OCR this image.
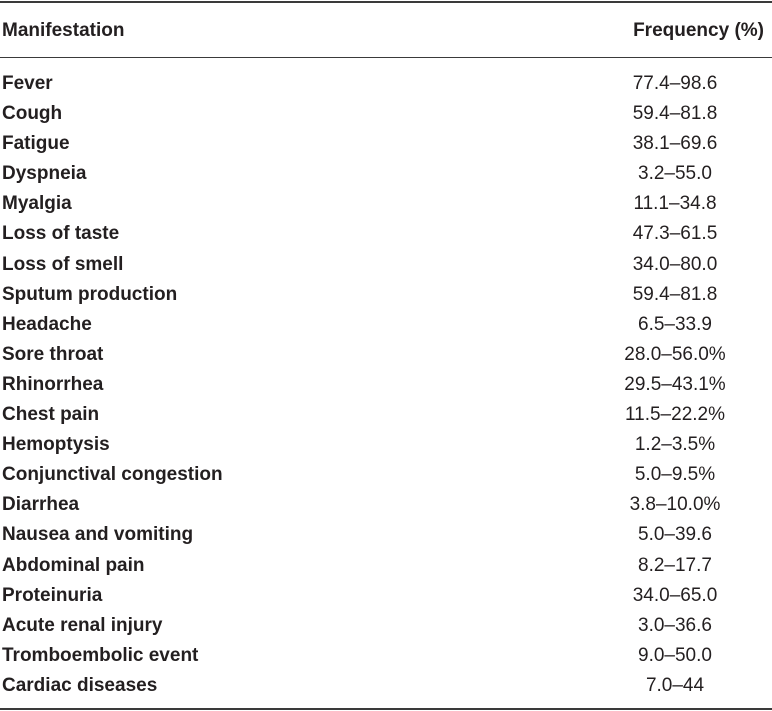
Manifestation	Frequency (%)
Fever	77.4–98.6
Cough	59.4–81.8
Fatigue	38.1–69.6
Dyspneia	3.2–55.0
Myalgia	11.1–34.8
Loss of taste	47.3–61.5
Loss of smell	34.0–80.0
Sputum production	59.4–81.8
Headache	6.5–33.9
Sore throat	28.0–56.0%
Rhinorrhea	29.5–43.1%
Chest pain	11.5–22.2%
Hemoptysis	1.2–3.5%
Conjunctival congestion	5.0–9.5%
Diarrhea	3.8–10.0%
Nausea and vomiting	5.0–39.6
Abdominal pain	8.2–17.7
Proteinuria	34.0–65.0
Acute renal injury	3.0–36.6
Tromboembolic event	9.0–50.0
Cardiac diseases	7.0–44
